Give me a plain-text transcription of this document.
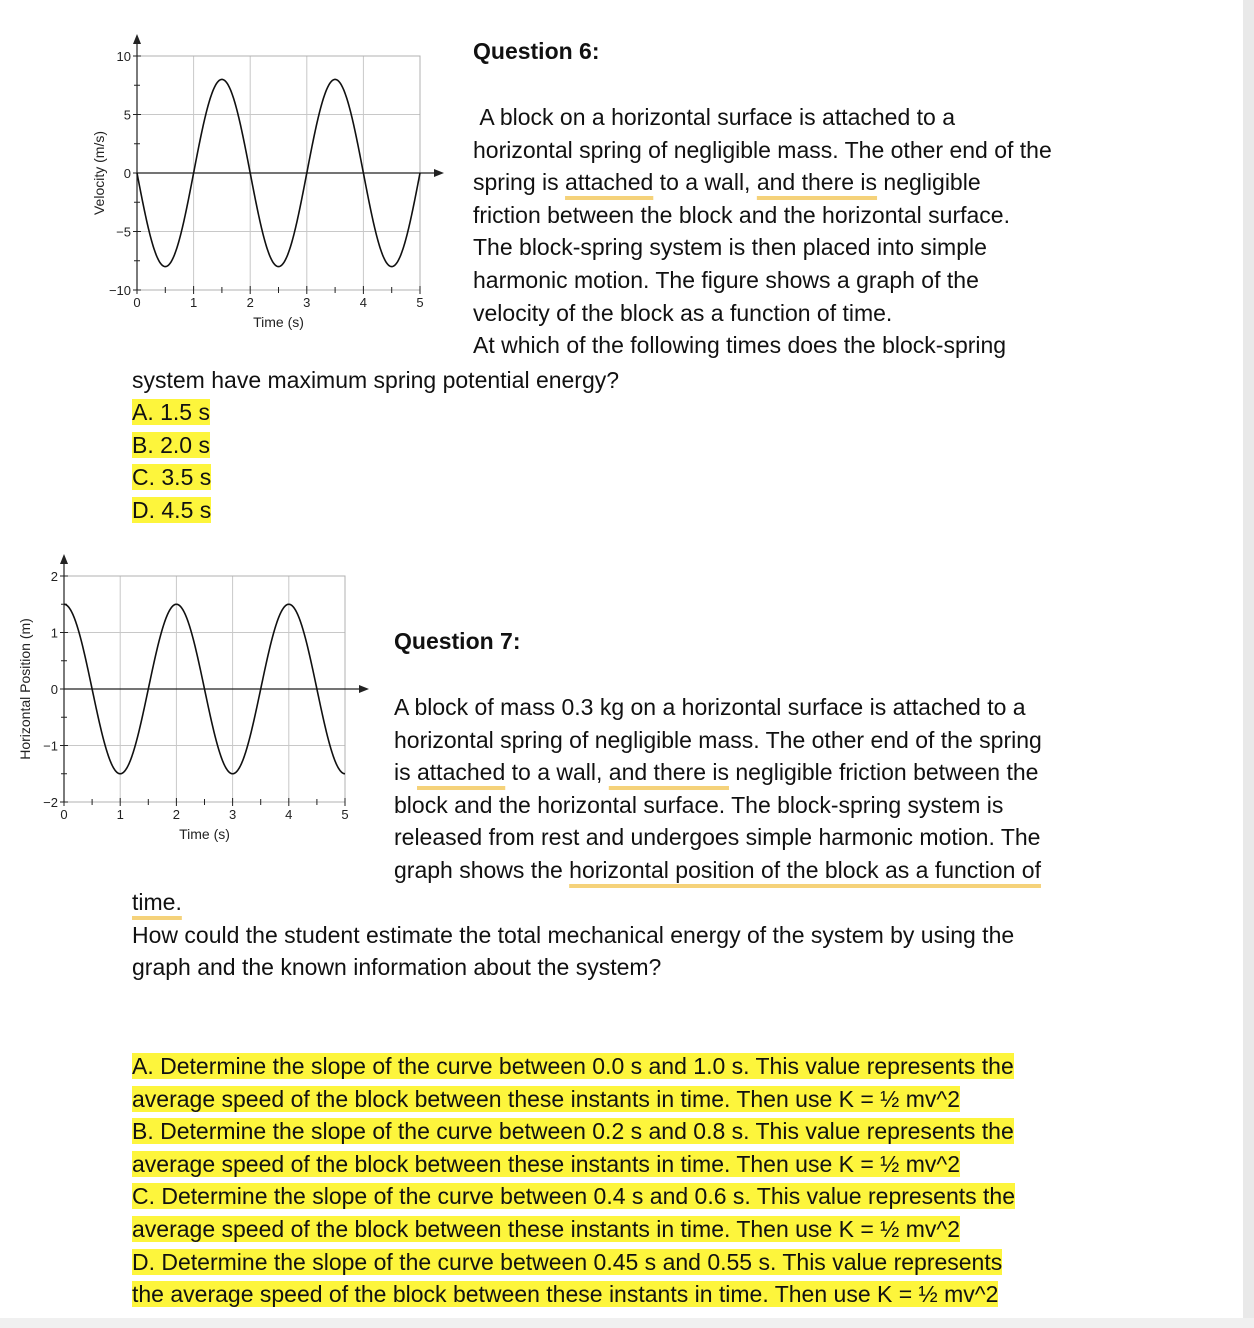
10
5
0
−5
−10
0	1	2	3	4	5
Time (s)
Velocity (m/s)
2
1
0
−1
−2
0	1	2	3	4	5
Time (s)
Horizontal Position (m)
Question 6:
A block on a horizontal surface is attached to a
horizontal spring of negligible mass. The other end of the
spring is attached to a wall, and there is negligible
friction between the block and the horizontal surface.
The block-spring system is then placed into simple
harmonic motion. The figure shows a graph of the
velocity of the block as a function of time.
At which of the following times does the block-spring
system have maximum spring potential energy?
A. 1.5 s
B. 2.0 s
C. 3.5 s
D. 4.5 s
Question 7:
A block of mass 0.3 kg on a horizontal surface is attached to a
horizontal spring of negligible mass. The other end of the spring
is attached to a wall, and there is negligible friction between the
block and the horizontal surface. The block-spring system is
released from rest and undergoes simple harmonic motion. The
graph shows the horizontal position of the block as a function of
time.
How could the student estimate the total mechanical energy of the system by using the
graph and the known information about the system?
A. Determine the slope of the curve between 0.0 s and 1.0 s. This value represents the
average speed of the block between these instants in time. Then use K = ½ mv^2
B. Determine the slope of the curve between 0.2 s and 0.8 s. This value represents the
average speed of the block between these instants in time. Then use K = ½ mv^2
C. Determine the slope of the curve between 0.4 s and 0.6 s. This value represents the
average speed of the block between these instants in time. Then use K = ½ mv^2
D. Determine the slope of the curve between 0.45 s and 0.55 s. This value represents
the average speed of the block between these instants in time. Then use K = ½ mv^2
